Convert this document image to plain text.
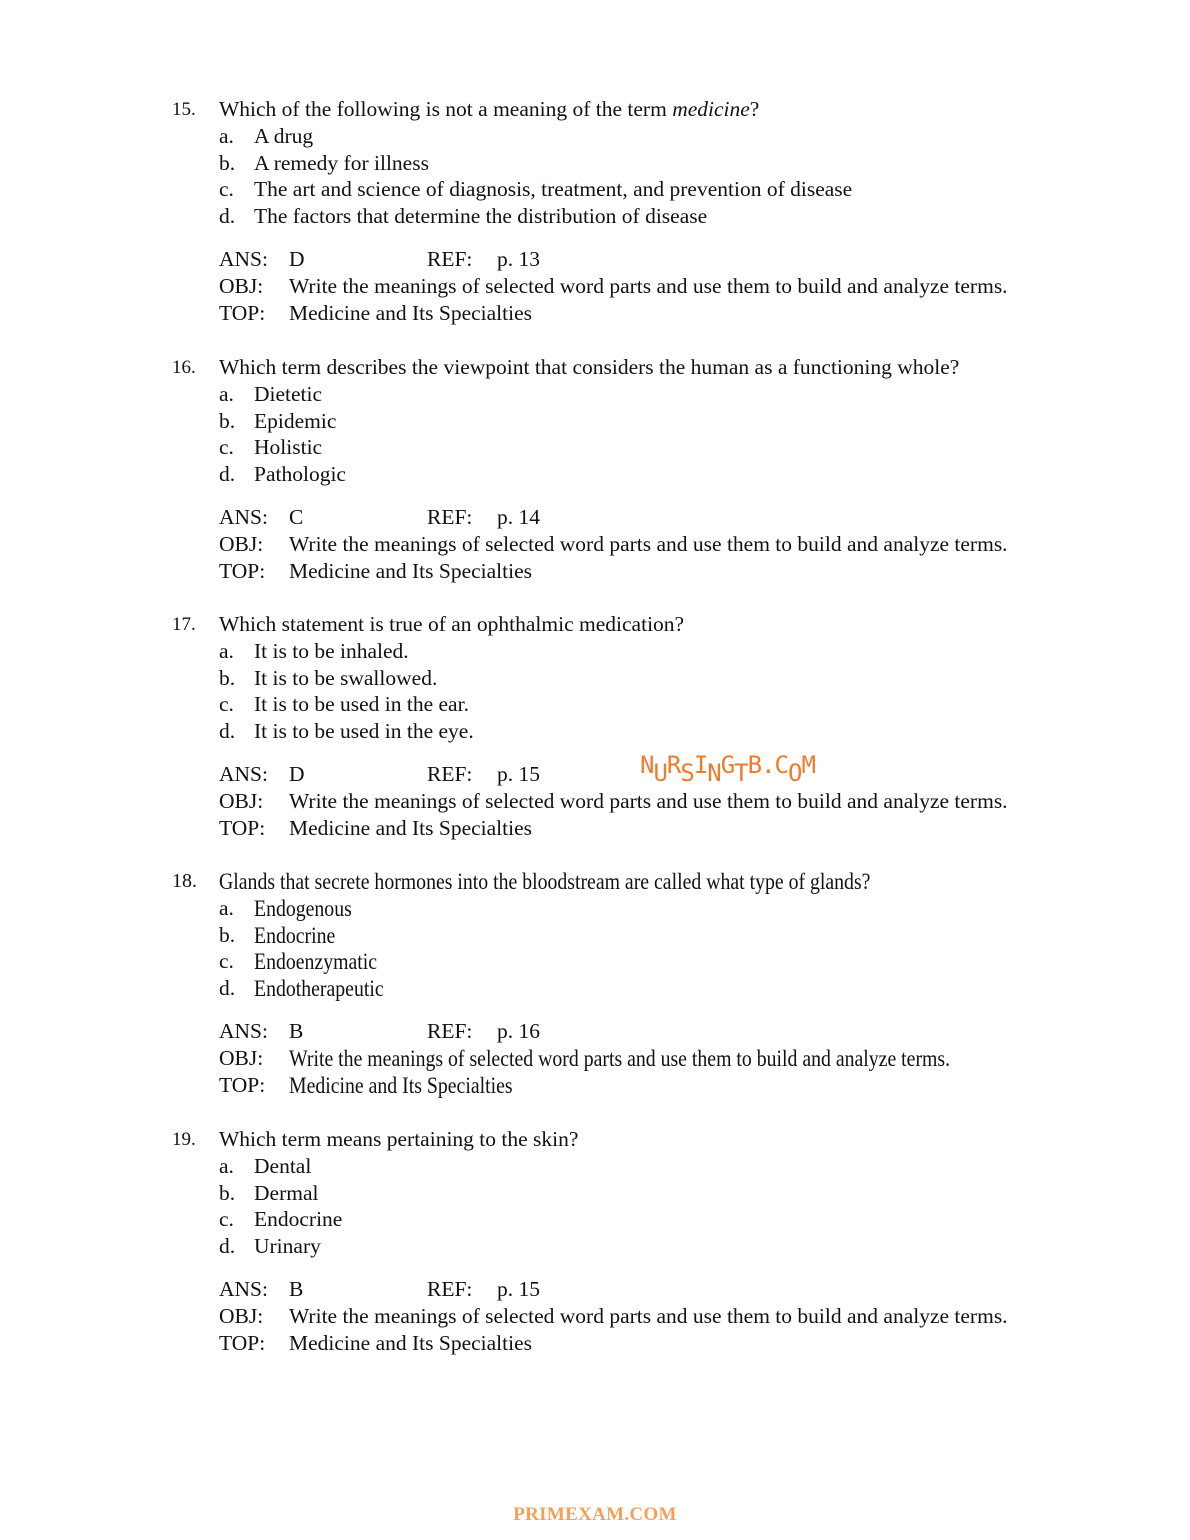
15. Which of the following is not a meaning of the term medicine?
a. A drug
b. A remedy for illness
c. The art and science of diagnosis, treatment, and prevention of disease
d. The factors that determine the distribution of disease
ANS: D	REF: p. 13
OBJ: Write the meanings of selected word parts and use them to build and analyze terms.
TOP: Medicine and Its Specialties
16. Which term describes the viewpoint that considers the human as a functioning whole?
a. Dietetic
b. Epidemic
c. Holistic
d. Pathologic
ANS: C	REF: p. 14
OBJ: Write the meanings of selected word parts and use them to build and analyze terms.
TOP: Medicine and Its Specialties
17. Which statement is true of an ophthalmic medication?
a. It is to be inhaled.
b. It is to be swallowed.
c. It is to be used in the ear.
d. It is to be used in the eye.
ANS: D	REF: p. 15
OBJ: Write the meanings of selected word parts and use them to build and analyze terms.
TOP: Medicine and Its Specialties
NURSINGTB.COM
18. Glands that secrete hormones into the bloodstream are called what type of glands?
a. Endogenous
b. Endocrine
c. Endoenzymatic
d. Endotherapeutic
ANS: B	REF: p. 16
OBJ: Write the meanings of selected word parts and use them to build and analyze terms.
TOP: Medicine and Its Specialties
19. Which term means pertaining to the skin?
a. Dental
b. Dermal
c. Endocrine
d. Urinary
ANS: B	REF: p. 15
OBJ: Write the meanings of selected word parts and use them to build and analyze terms.
TOP: Medicine and Its Specialties
PRIMEXAM.COM
